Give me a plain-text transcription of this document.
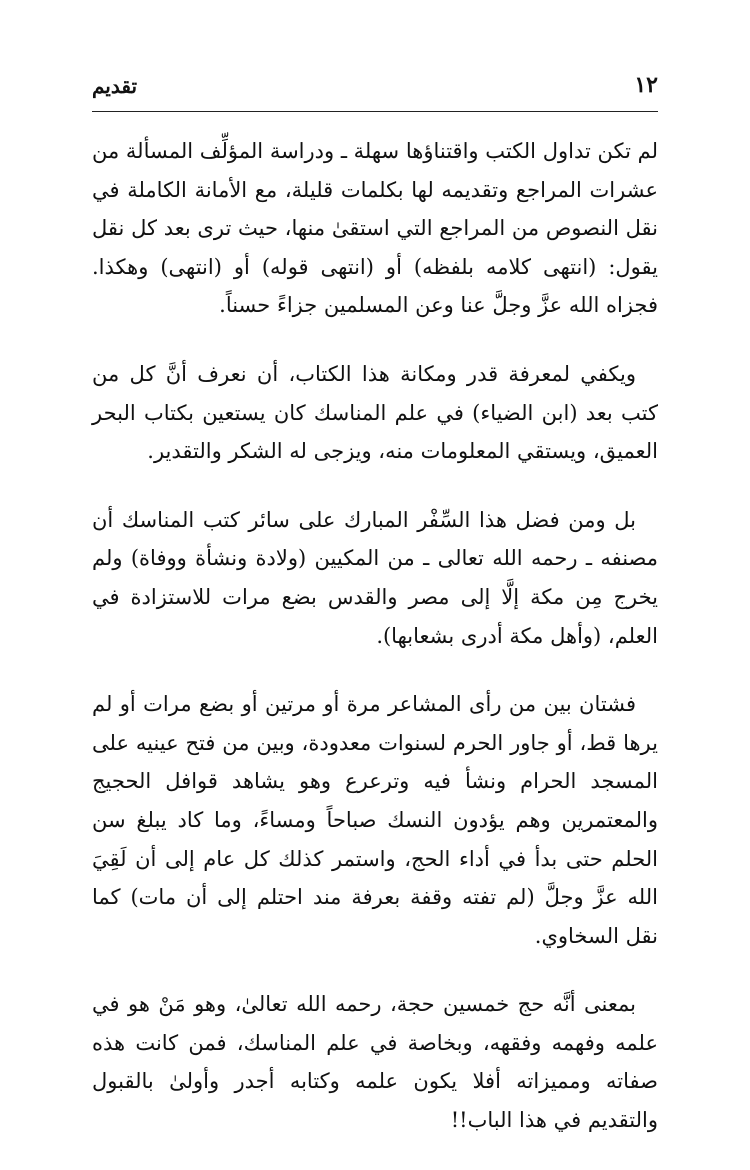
١٢
تقديم

لم تكن تداول الكتب واقتناؤها سهلة ـ ودراسة المؤلِّف المسألة من عشرات المراجع وتقديمه لها بكلمات قليلة، مع الأمانة الكاملة في نقل النصوص من المراجع التي استقىٰ منها، حيث ترى بعد كل نقل يقول: (انتهى كلامه بلفظه) أو (انتهى قوله) أو (انتهى) وهكذا. فجزاه الله عزَّ وجلَّ عنا وعن المسلمين جزاءً حسناً.

ويكفي لمعرفة قدر ومكانة هذا الكتاب، أن نعرف أنَّ كل من كتب بعد (ابن الضياء) في علم المناسك كان يستعين بكتاب البحر العميق، ويستقي المعلومات منه، ويزجى له الشكر والتقدير.

بل ومن فضل هذا السِّفْر المبارك على سائر كتب المناسك أن مصنفه ـ رحمه الله تعالى ـ من المكيين (ولادة ونشأة ووفاة) ولم يخرج مِن مكة إلَّا إلى مصر والقدس بضع مرات للاستزادة في العلم، (وأهل مكة أدرى بشعابها).

فشتان بين من رأى المشاعر مرة أو مرتين أو بضع مرات أو لم يرها قط، أو جاور الحرم لسنوات معدودة، وبين من فتح عينيه على المسجد الحرام ونشأ فيه وترعرع وهو يشاهد قوافل الحجيج والمعتمرين وهم يؤدون النسك صباحاً ومساءً، وما كاد يبلغ سن الحلم حتى بدأ في أداء الحج، واستمر كذلك كل عام إلى أن لَقِيَ الله عزَّ وجلَّ (لم تفته وقفة بعرفة مند احتلم إلى أن مات) كما نقل السخاوي.

بمعنى أنَّه حج خمسين حجة، رحمه الله تعالىٰ، وهو مَنْ هو في علمه وفهمه وفقهه، وبخاصة في علم المناسك، فمن كانت هذه صفاته ومميزاته أفلا يكون علمه وكتابه أجدر وأولىٰ بالقبول والتقديم في هذا الباب!!
